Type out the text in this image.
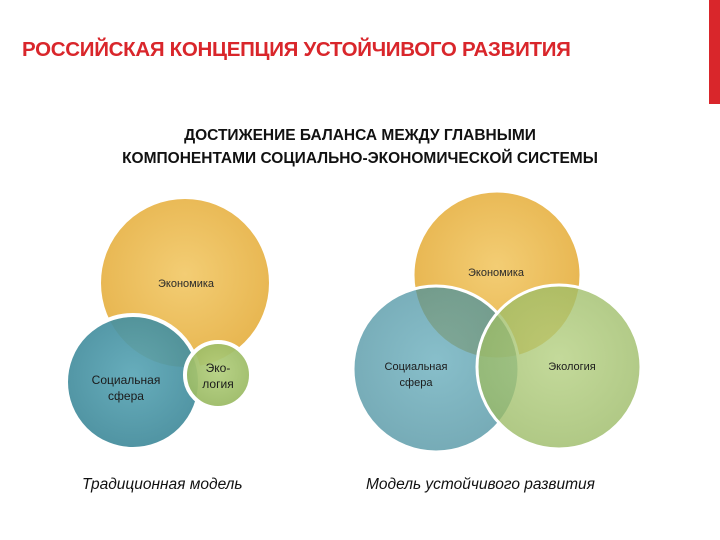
РОССИЙСКАЯ КОНЦЕПЦИЯ УСТОЙЧИВОГО РАЗВИТИЯ
ДОСТИЖЕНИЕ БАЛАНСА МЕЖДУ ГЛАВНЫМИ
КОМПОНЕНТАМИ СОЦИАЛЬНО-ЭКОНОМИЧЕСКОЙ СИСТЕМЫ
Экономика
Социальная
сфера
Эко-
логия
Экономика
Социальная
сфера
Экология
Традиционная модель	Модель устойчивого развития
